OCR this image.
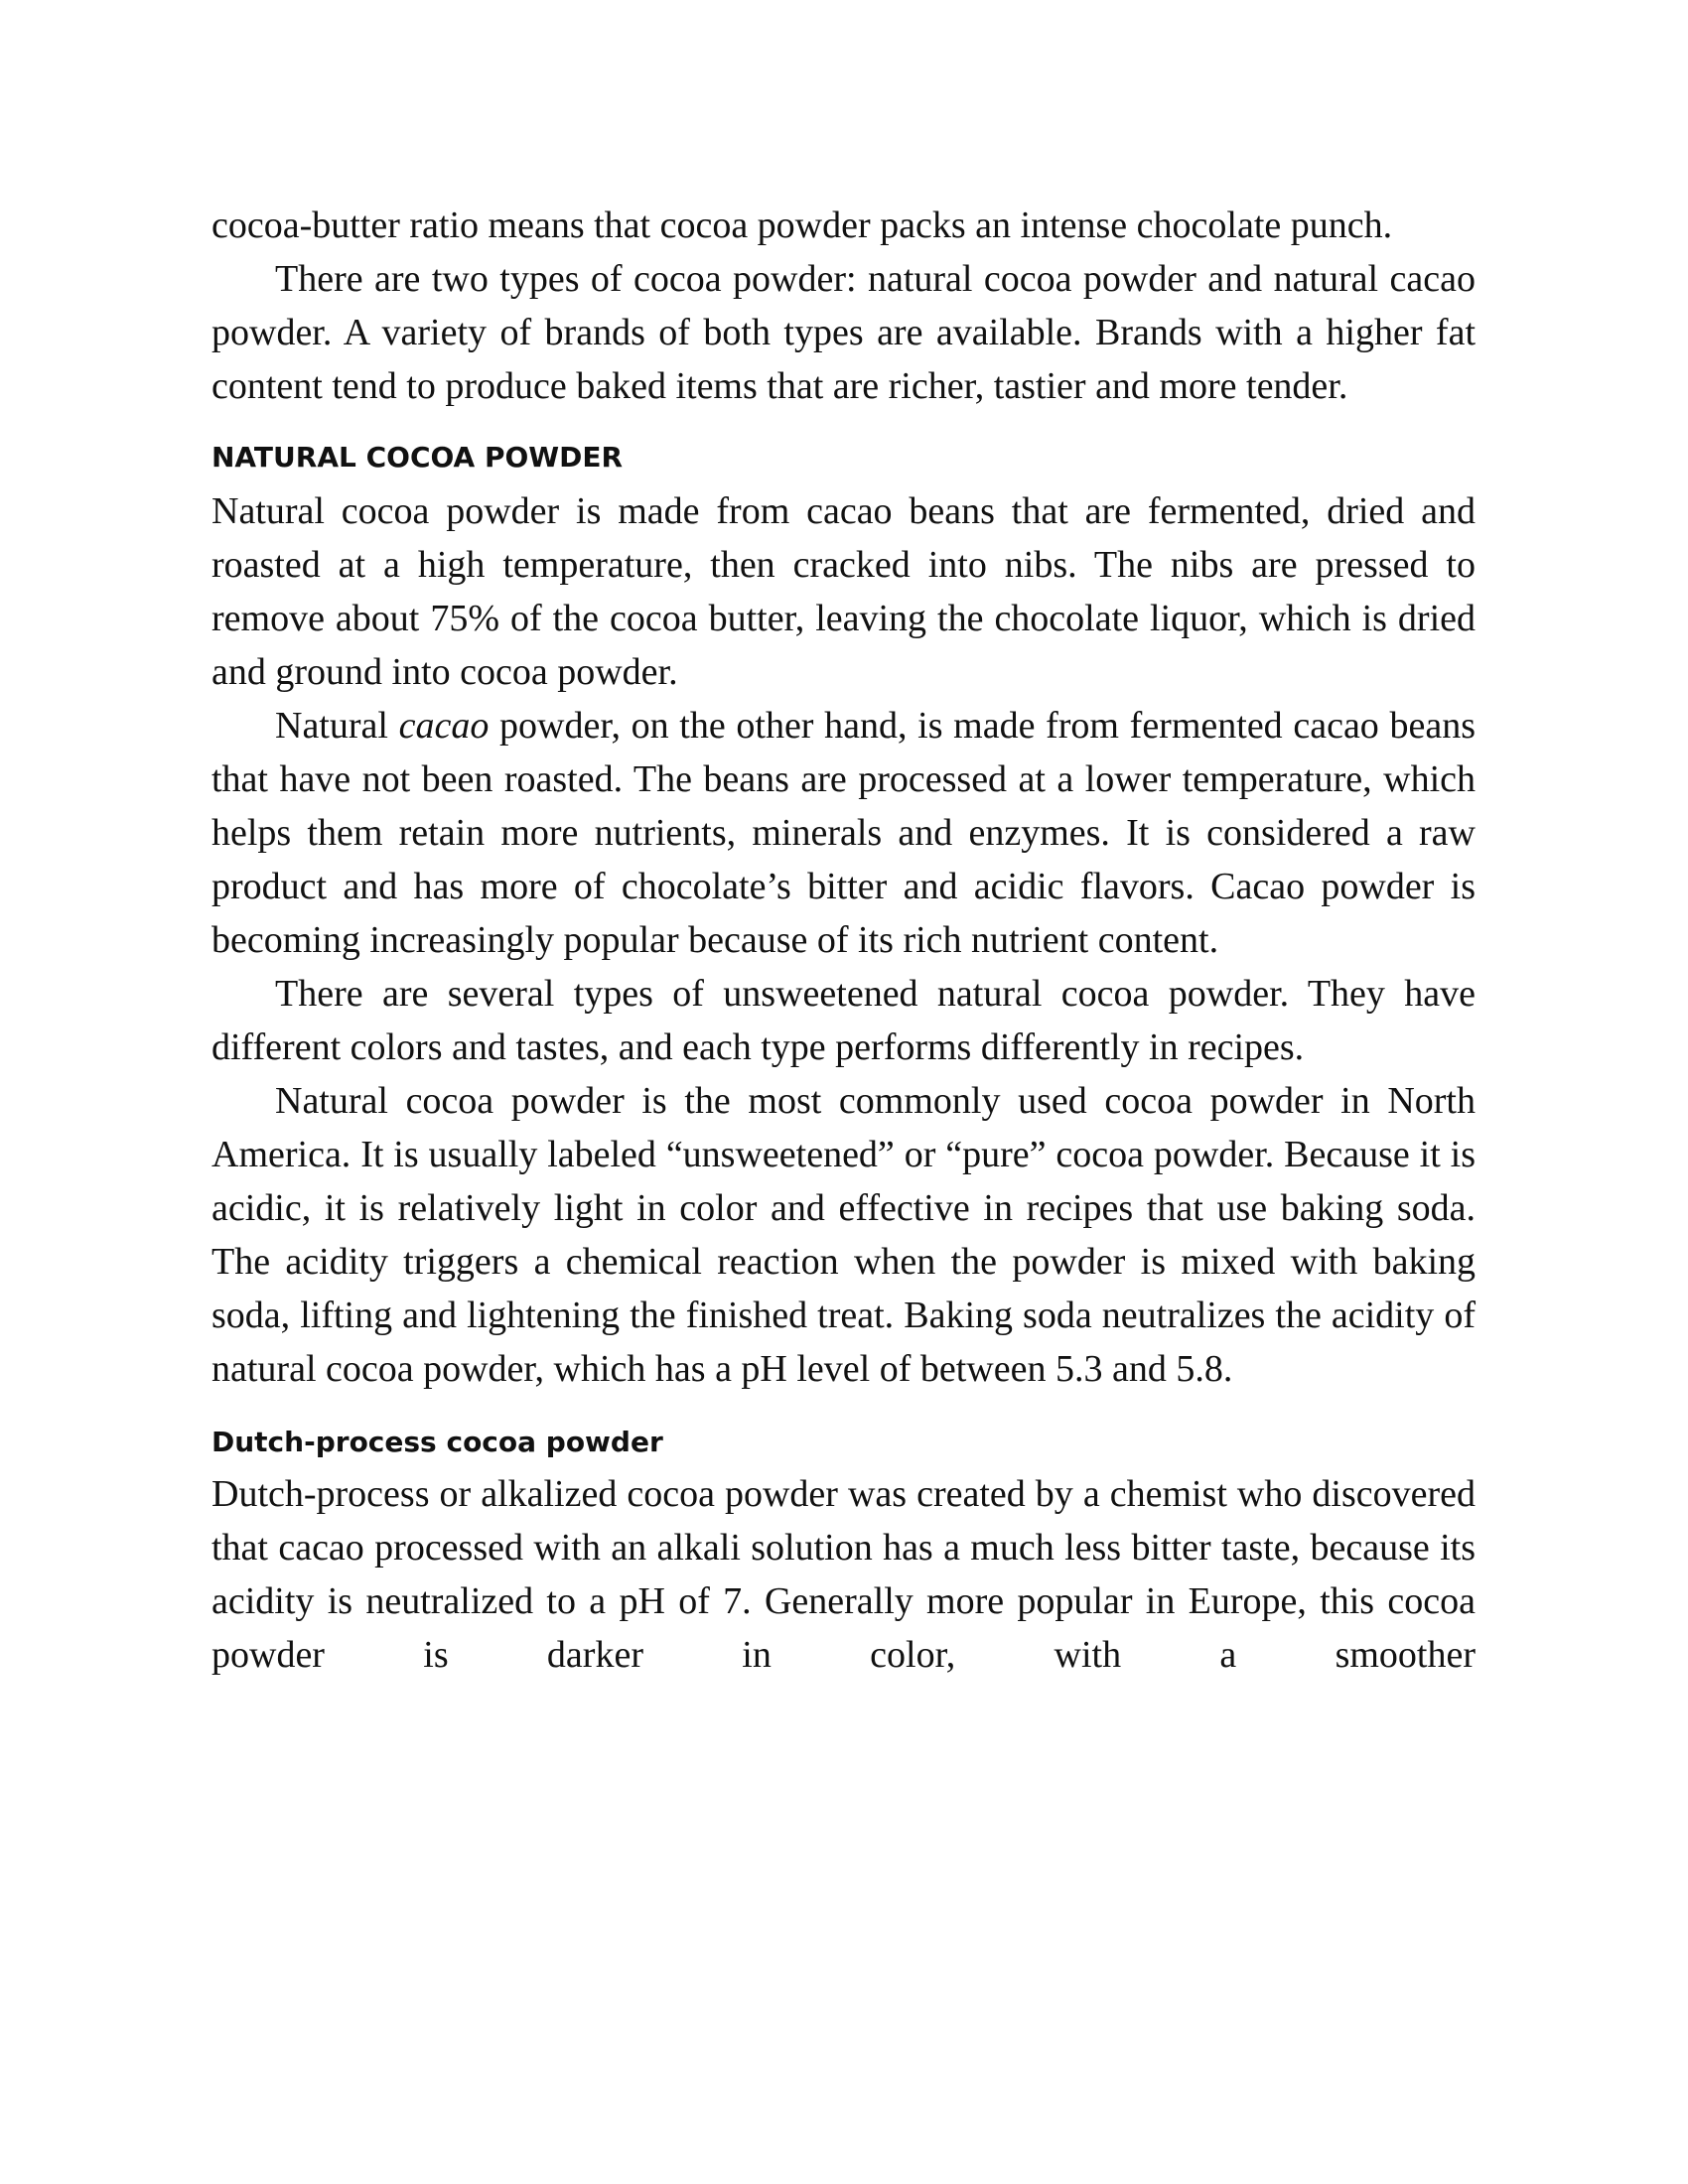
cocoa-butter ratio means that cocoa powder packs an intense chocolate punch.

There are two types of cocoa powder: natural cocoa powder and natural cacao powder. A variety of brands of both types are available. Brands with a higher fat content tend to produce baked items that are richer, tastier and more tender.

NATURAL COCOA POWDER

Natural cocoa powder is made from cacao beans that are fermented, dried and roasted at a high temperature, then cracked into nibs. The nibs are pressed to remove about 75% of the cocoa butter, leaving the chocolate liquor, which is dried and ground into cocoa powder.

Natural cacao powder, on the other hand, is made from fermented cacao beans that have not been roasted. The beans are processed at a lower temperature, which helps them retain more nutrients, minerals and enzymes. It is considered a raw product and has more of chocolate’s bitter and acidic flavors. Cacao powder is becoming increasingly popular because of its rich nutrient content.

There are several types of unsweetened natural cocoa powder. They have different colors and tastes, and each type performs differently in recipes.

Natural cocoa powder is the most commonly used cocoa powder in North America. It is usually labeled “unsweetened” or “pure” cocoa powder. Because it is acidic, it is relatively light in color and effective in recipes that use baking soda. The acidity triggers a chemical reaction when the powder is mixed with baking soda, lifting and lightening the finished treat. Baking soda neutralizes the acidity of natural cocoa powder, which has a pH level of between 5.3 and 5.8.

Dutch-process cocoa powder

Dutch-process or alkalized cocoa powder was created by a chemist who discovered that cacao processed with an alkali solution has a much less bitter taste, because its acidity is neutralized to a pH of 7. Generally more popular in Europe, this cocoa powder is darker in color, with a smoother
